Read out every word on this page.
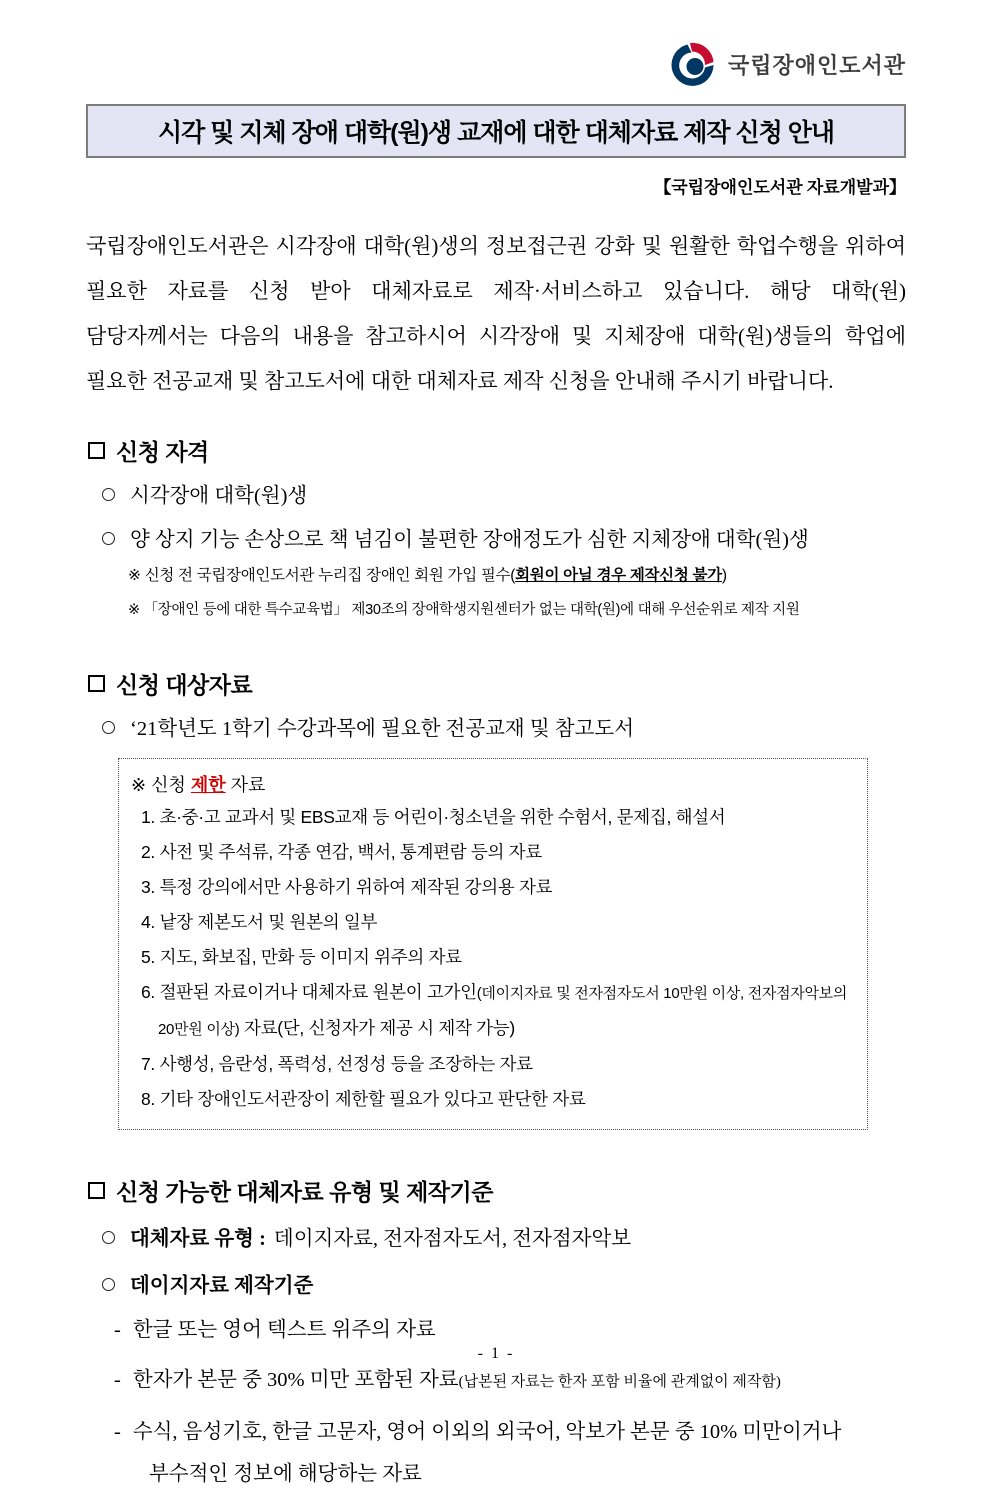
국립장애인도서관
시각 및 지체 장애 대학(원)생 교재에 대한 대체자료 제작 신청 안내
【국립장애인도서관 자료개발과】

국립장애인도서관은 시각장애 대학(원)생의 정보접근권 강화 및 원활한 학업수행을 위하여 필요한 자료를 신청 받아 대체자료로 제작·서비스하고 있습니다. 해당 대학(원) 담당자께서는 다음의 내용을 참고하시어 시각장애 및 지체장애 대학(원)생들의 학업에 필요한 전공교재 및 참고도서에 대한 대체자료 제작 신청을 안내해 주시기 바랍니다.

신청 자격
시각장애 대학(원)생
양 상지 기능 손상으로 책 넘김이 불편한 장애정도가 심한 지체장애 대학(원)생
※ 신청 전 국립장애인도서관 누리집 장애인 회원 가입 필수(회원이 아닐 경우 제작신청 불가)
※ 「장애인 등에 대한 특수교육법」 제30조의 장애학생지원센터가 없는 대학(원)에 대해 우선순위로 제작 지원
신청 대상자료
‘21학년도 1학기 수강과목에 필요한 전공교재 및 참고도서
※ 신청 제한 자료
1. 초·중·고 교과서 및 EBS교재 등 어린이·청소년을 위한 수험서, 문제집, 해설서
2. 사전 및 주석류, 각종 연감, 백서, 통계편람 등의 자료
3. 특정 강의에서만 사용하기 위하여 제작된 강의용 자료
4. 낱장 제본도서 및 원본의 일부
5. 지도, 화보집, 만화 등 이미지 위주의 자료
6. 절판된 자료이거나 대체자료 원본이 고가인(데이지자료 및 전자점자도서 10만원 이상, 전자점자악보의 20만원 이상) 자료(단, 신청자가 제공 시 제작 가능)
7. 사행성, 음란성, 폭력성, 선정성 등을 조장하는 자료
8. 기타 장애인도서관장이 제한할 필요가 있다고 판단한 자료
신청 가능한 대체자료 유형 및 제작기준
대체자료 유형 : 데이지자료, 전자점자도서, 전자점자악보
데이지자료 제작기준
- 한글 또는 영어 텍스트 위주의 자료
- 한자가 본문 중 30% 미만 포함된 자료(납본된 자료는 한자 포함 비율에 관계없이 제작함)
- 수식, 음성기호, 한글 고문자, 영어 이외의 외국어, 악보가 본문 중 10% 미만이거나 부수적인 정보에 해당하는 자료
- 1 -
